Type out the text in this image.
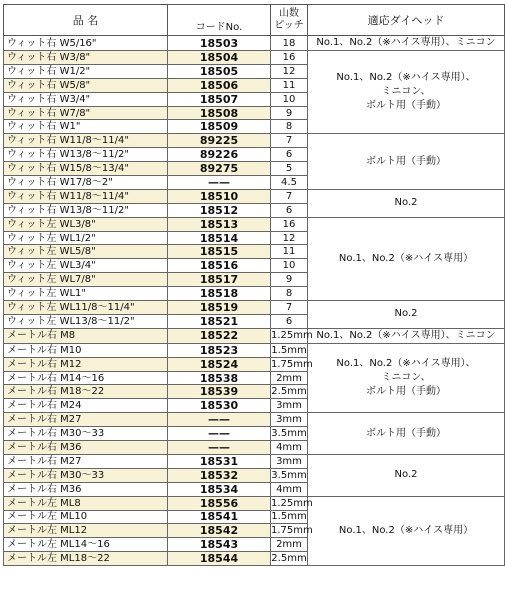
品 名	コードNo.	山数
ピッチ	適応ダイヘッド
ウィット右 W5/16"	18503	18	No.1、No.2（※ハイス専用）、ミニコン
ウィット右 W3/8"	18504	16	No.1、No.2（※ハイス専用）、
ミニコン、
ボルト用（手動）
ウィット右 W1/2"	18505	12	
ウィット右 W5/8"	18506	11	
ウィット右 W3/4"	18507	10	
ウィット右 W7/8"	18508	9	
ウィット右 W1"	18509	8	
ウィット右 W11/8～11/4"	89225	7	ボルト用（手動）
ウィット右 W13/8～11/2"	89226	6	
ウィット右 W15/8～13/4"	89275	5	
ウィット右 W17/8～2"	——	4.5	
ウィット右 W11/8～11/4"	18510	7	No.2
ウィット右 W13/8～11/2"	18512	6	
ウィット左 WL3/8"	18513	16	No.1、No.2（※ハイス専用）
ウィット左 WL1/2"	18514	12	
ウィット左 WL5/8"	18515	11	
ウィット左 WL3/4"	18516	10	
ウィット左 WL7/8"	18517	9	
ウィット左 WL1"	18518	8	
ウィット左 WL11/8～11/4"	18519	7	No.2
ウィット左 WL13/8～11/2"	18521	6	
メートル右 M8	18522	1.25mm	No.1、No.2（※ハイス専用）、ミニコン
メートル右 M10	18523	1.5mm	No.1、No.2（※ハイス専用）、
ミニコン、
ボルト用（手動）
メートル右 M12	18524	1.75mm	
メートル右 M14～16	18538	2mm	
メートル右 M18～22	18539	2.5mm	
メートル右 M24	18530	3mm	
メートル右 M27	——	3mm	ボルト用（手動）
メートル右 M30～33	——	3.5mm	
メートル右 M36	——	4mm	
メートル右 M27	18531	3mm	No.2
メートル右 M30～33	18532	3.5mm	
メートル右 M36	18534	4mm	
メートル左 ML8	18556	1.25mm	No.1、No.2（※ハイス専用）
メートル左 ML10	18541	1.5mm	
メートル左 ML12	18542	1.75mm	
メートル左 ML14～16	18543	2mm	
メートル左 ML18～22	18544	2.5mm	
